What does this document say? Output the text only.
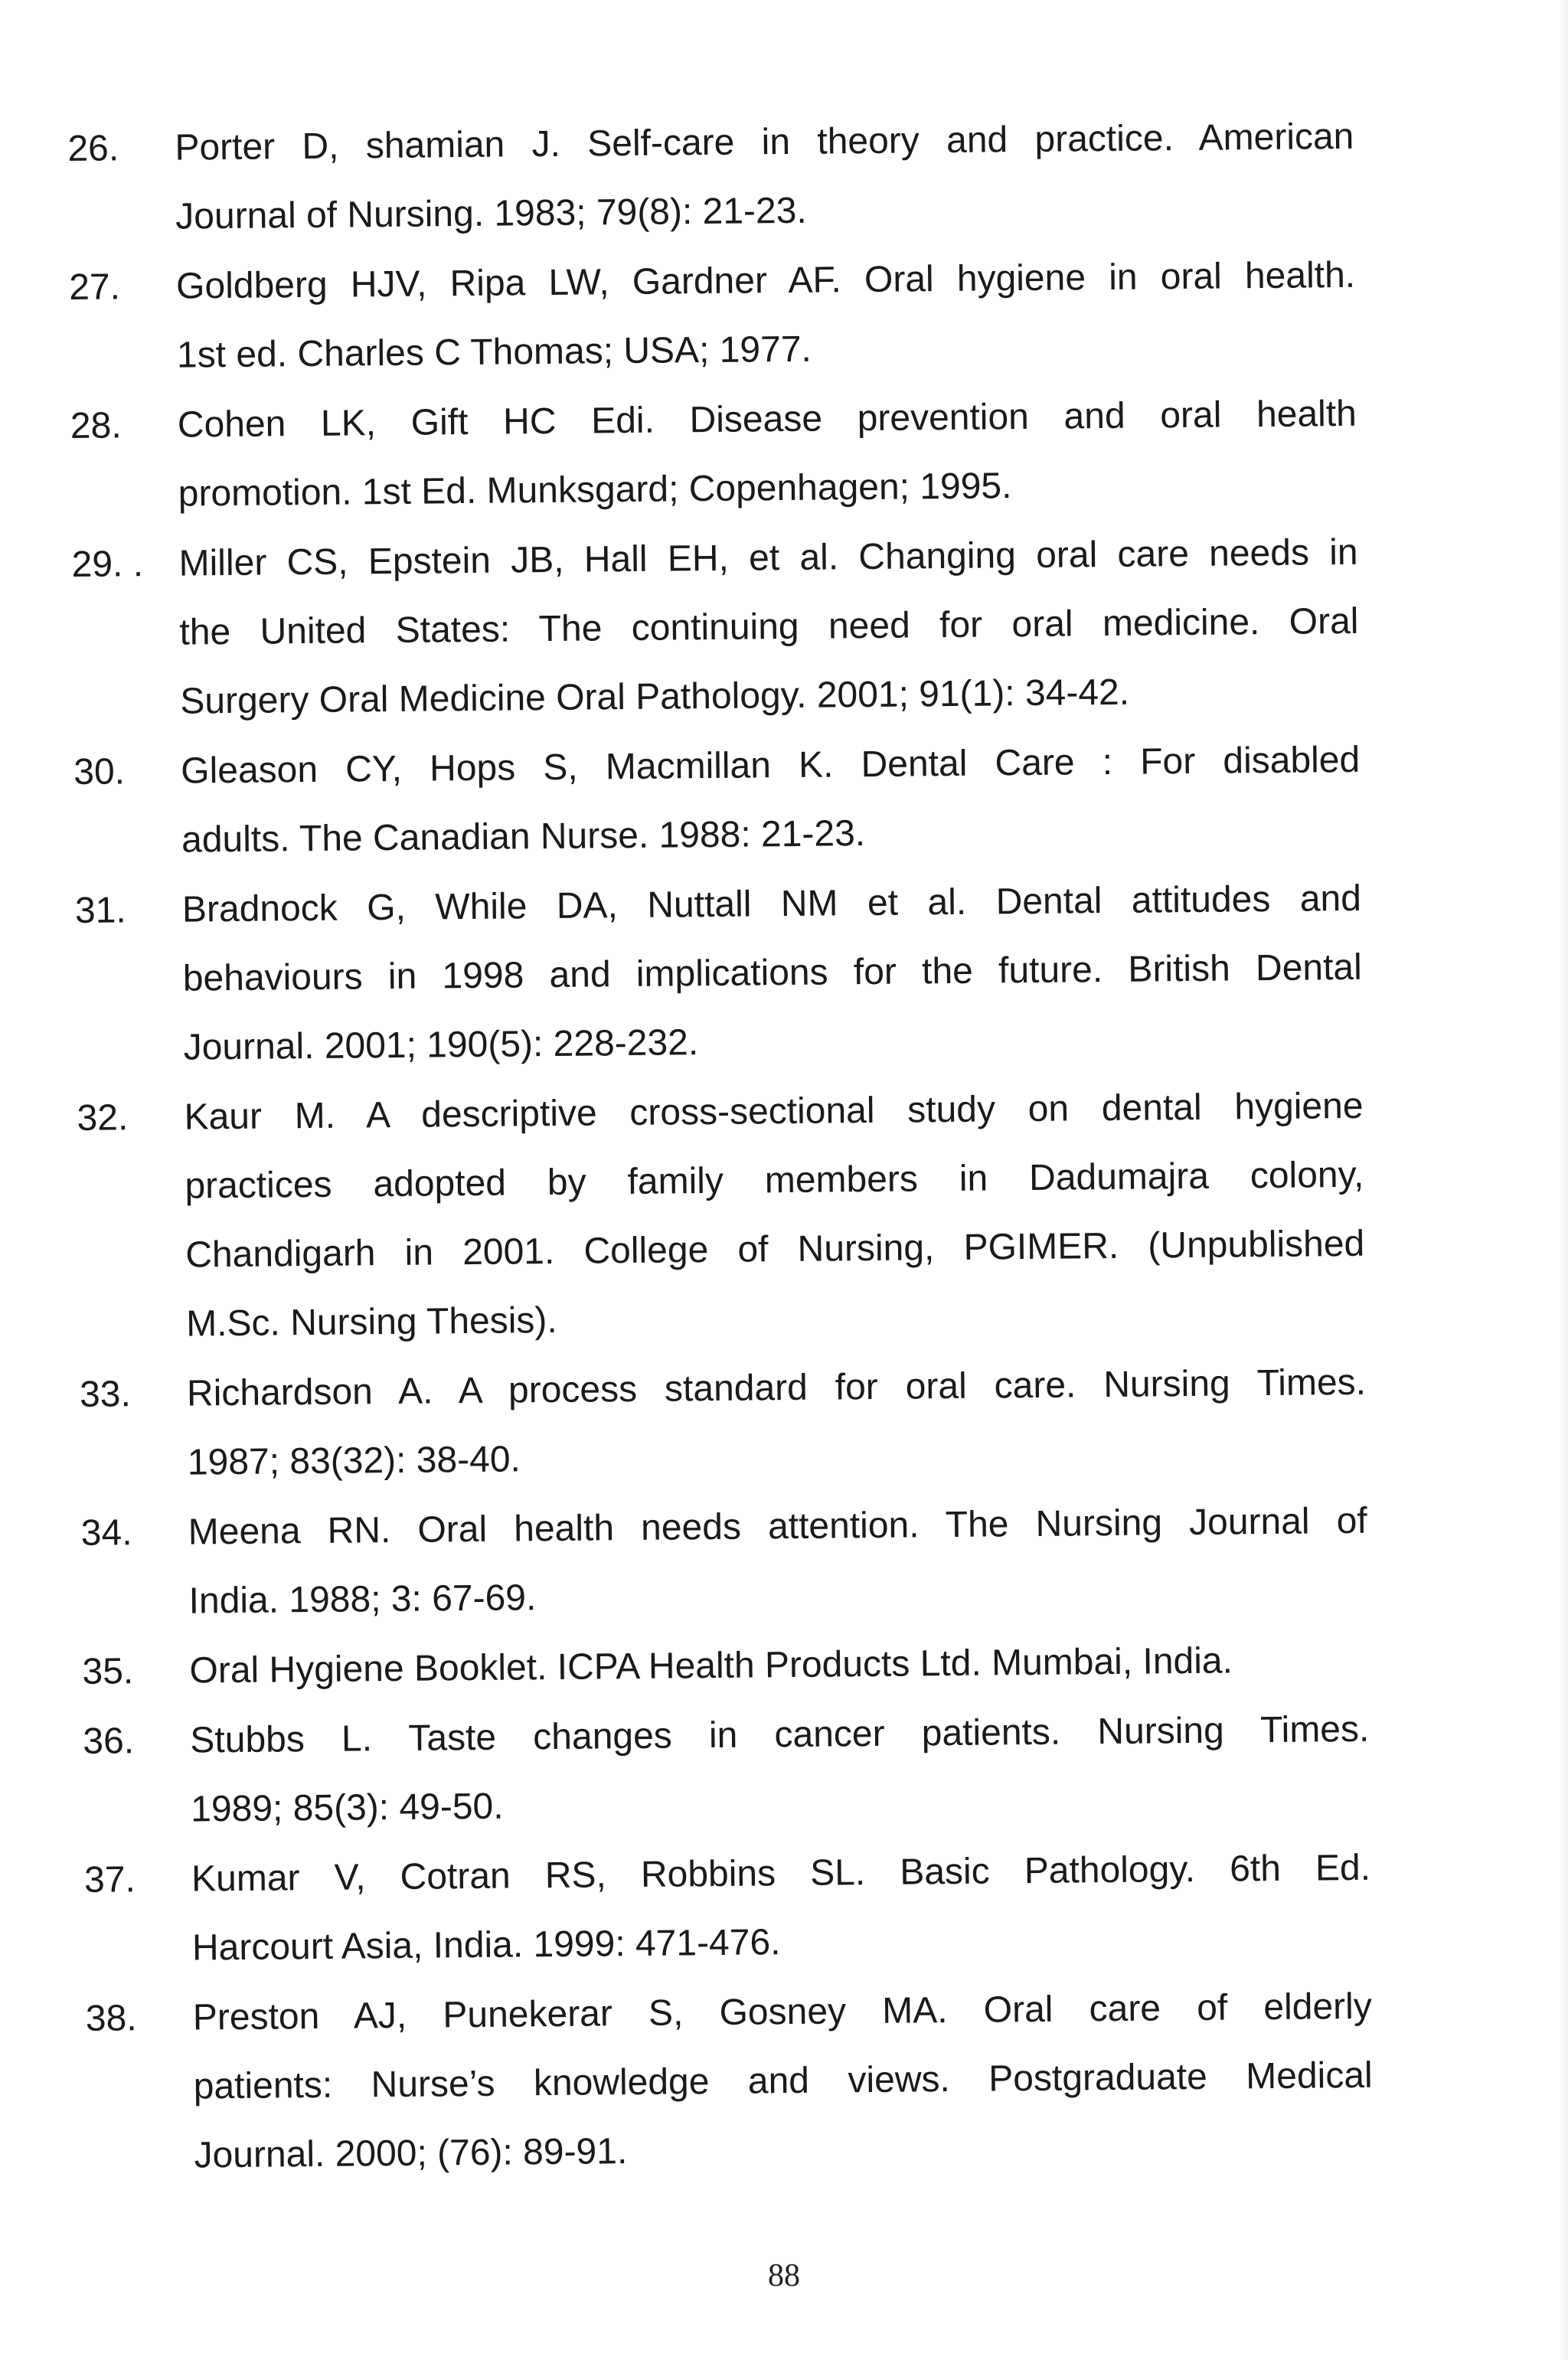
26.	Porter D, shamian J. Self-care in theory and practice. American
Journal of Nursing. 1983; 79(8): 21-23.
27.	Goldberg HJV, Ripa LW, Gardner AF. Oral hygiene in oral health.
1st ed. Charles C Thomas; USA; 1977.
28.	Cohen LK, Gift HC Edi. Disease prevention and oral health
promotion. 1st Ed. Munksgard; Copenhagen; 1995.
29. . Miller CS, Epstein JB, Hall EH, et al. Changing oral care needs in
the United States: The continuing need for oral medicine. Oral
Surgery Oral Medicine Oral Pathology. 2001; 91(1): 34-42.
30.	Gleason CY, Hops S, Macmillan K. Dental Care : For disabled
adults. The Canadian Nurse. 1988: 21-23.
31.	Bradnock G, While DA, Nuttall NM et al. Dental attitudes and
behaviours in 1998 and implications for the future. British Dental
Journal. 2001; 190(5): 228-232.
32.	Kaur M. A descriptive cross-sectional study on dental hygiene
practices adopted by family members in Dadumajra colony,
Chandigarh in 2001. College of Nursing, PGIMER. (Unpublished
M.Sc. Nursing Thesis).
33.	Richardson A. A process standard for oral care. Nursing Times.
1987; 83(32): 38-40.
34.	Meena RN. Oral health needs attention. The Nursing Journal of
India. 1988; 3: 67-69.
35.	Oral Hygiene Booklet. ICPA Health Products Ltd. Mumbai, India.
36.	Stubbs L. Taste changes in cancer patients. Nursing Times.
1989; 85(3): 49-50.
37.	Kumar V, Cotran RS, Robbins SL. Basic Pathology. 6th Ed.
Harcourt Asia, India. 1999: 471-476.
38.	Preston AJ, Punekerar S, Gosney MA. Oral care of elderly
patients: Nurse’s knowledge and views. Postgraduate Medical
Journal. 2000; (76): 89-91.
88
